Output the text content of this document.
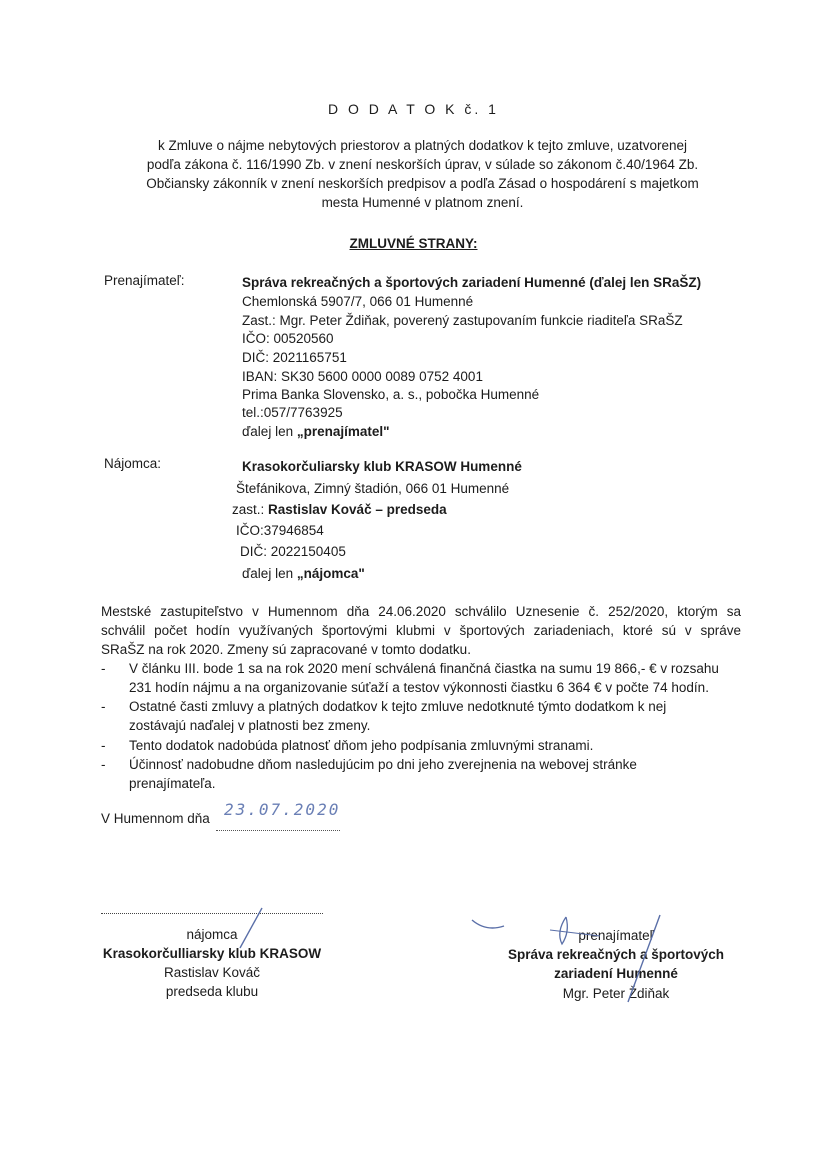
D O D A T O K č. 1
k Zmluve o nájme nebytových priestorov a platných dodatkov k tejto zmluve, uzatvorenej
podľa zákona č. 116/1990 Zb. v znení neskorších úprav, v súlade so zákonom č.40/1964 Zb.
Občiansky zákonník v znení neskorších predpisov a podľa Zásad o hospodárení s majetkom
mesta Humenné v platnom znení.
ZMLUVNÉ STRANY:
Prenajímateľ:	Správa rekreačných a športových zariadení Humenné (ďalej len SRaŠZ)
Chemlonská 5907/7, 066 01 Humenné
Zast.: Mgr. Peter Ždiňak, poverený zastupovaním funkcie riaditeľa SRaŠZ
IČO: 00520560
DIČ: 2021165751
IBAN: SK30 5600 0000 0089 0752 4001
Prima Banka Slovensko, a. s., pobočka Humenné
tel.:057/7763925
ďalej len „prenajímatel"
Nájomca:	Krasokorčuliarsky klub KRASOW Humenné
Štefánikova, Zimný štadión, 066 01 Humenné
zast.: Rastislav Kováč – predseda
IČO:37946854
DIČ: 2022150405
ďalej len „nájomca"
Mestské zastupiteľstvo v Humennom dňa 24.06.2020 schválilo Uznesenie č. 252/2020, ktorým sa
schválil počet hodín využívaných športovými klubmi v športových zariadeniach, ktoré sú v správe
SRaŠZ na rok 2020. Zmeny sú zapracované v tomto dodatku.
- V článku III. bode 1 sa na rok 2020 mení schválená finančná čiastka na sumu 19 866,- € v rozsahu
231 hodín nájmu a na organizovanie súťaží a testov výkonnosti čiastku 6 364 € v počte 74 hodín.
- Ostatné časti zmluvy a platných dodatkov k tejto zmluve nedotknuté týmto dodatkom k nej
zostávajú naďalej v platnosti bez zmeny.
- Tento dodatok nadobúda platnosť dňom jeho podpísania zmluvnými stranami.
- Účinnosť nadobudne dňom nasledujúcim po dni jeho zverejnenia na webovej stránke
prenajímateľa.
V Humennom dňa 23.07.2020
nájomca
Krasokorčulliarsky klub KRASOW
Rastislav Kováč
predseda klubu
prenajímateľ
Správa rekreačných a športových
zariadení Humenné
Mgr. Peter Ždiňak
